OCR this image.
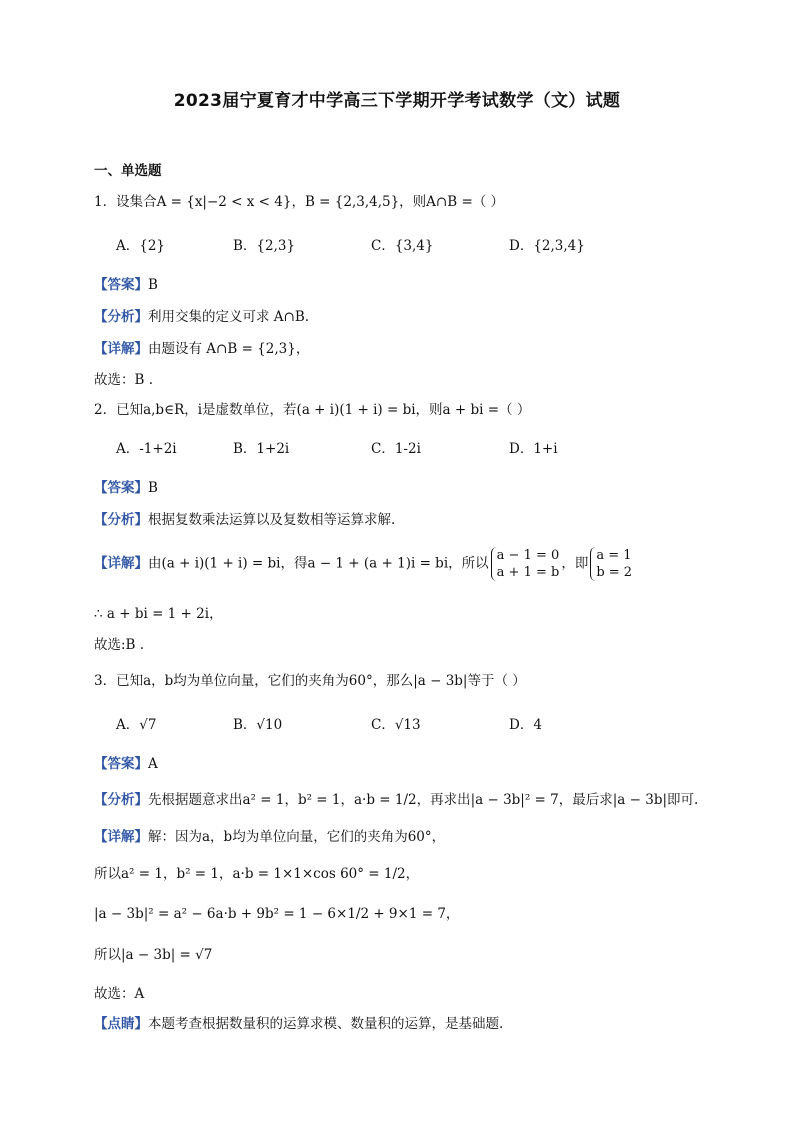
2023届宁夏育才中学高三下学期开学考试数学（文）试题
一、单选题
1．设集合A = {x|−2 < x < 4}，B = {2,3,4,5}，则A∩B =（ ）
A．{2}	B．{2,3}	C．{3,4}	D．{2,3,4}
【答案】B
【分析】利用交集的定义可求 A∩B.
【详解】由题设有 A∩B = {2,3}，
故选：B .
2．已知a,b∈R，i是虚数单位，若(a + i)(1 + i) = bi，则a + bi =（ ）
A．-1+2i	B．1+2i	C．1-2i	D．1+i
【答案】B
【分析】根据复数乘法运算以及复数相等运算求解.
【详解】由(a + i)(1 + i) = bi，得a − 1 + (a + 1)i = bi，所以 a − 1 = 0
a + 1 = b
，即 a = 1
b = 2
∴ a + bi = 1 + 2i，
故选:B .
3．已知a，b均为单位向量，它们的夹角为60°，那么|a − 3b|等于（ ）
A．√7	B．√10	C．√13	D．4
【答案】A
【分析】先根据题意求出a² = 1，b² = 1，a·b = 1/2，再求出|a − 3b|² = 7，最后求|a − 3b|即可.
【详解】解：因为a，b均为单位向量，它们的夹角为60°，
所以a² = 1，b² = 1，a·b = 1×1×cos 60° = 1/2，
|a − 3b|² = a² − 6a·b + 9b² = 1 − 6×1/2 + 9×1 = 7，
所以|a − 3b| = √7
故选：A
【点睛】本题考查根据数量积的运算求模、数量积的运算，是基础题.
